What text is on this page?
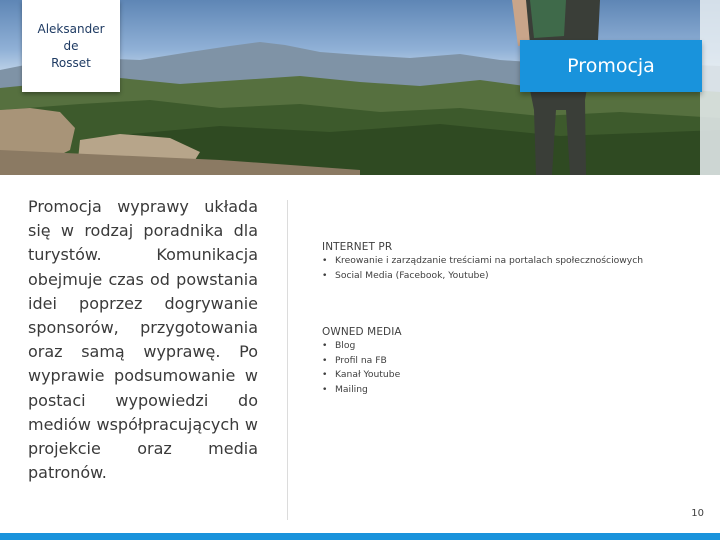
Aleksander
de
Rosset	Promocja
Promocja wyprawy układa się w rodzaj poradnika dla turystów. Komunikacja obejmuje czas od powstania idei poprzez dogrywanie sponsorów, przygotowania oraz samą wyprawę. Po wyprawie podsumowanie w postaci wypowiedzi do mediów współpracujących w projekcie oraz media patronów.
INTERNET PR
• Kreowanie i zarządzanie treściami na portalach społecznościowych
• Social Media (Facebook, Youtube)
OWNED MEDIA
• Blog
• Profil na FB
• Kanał Youtube
• Mailing
10
